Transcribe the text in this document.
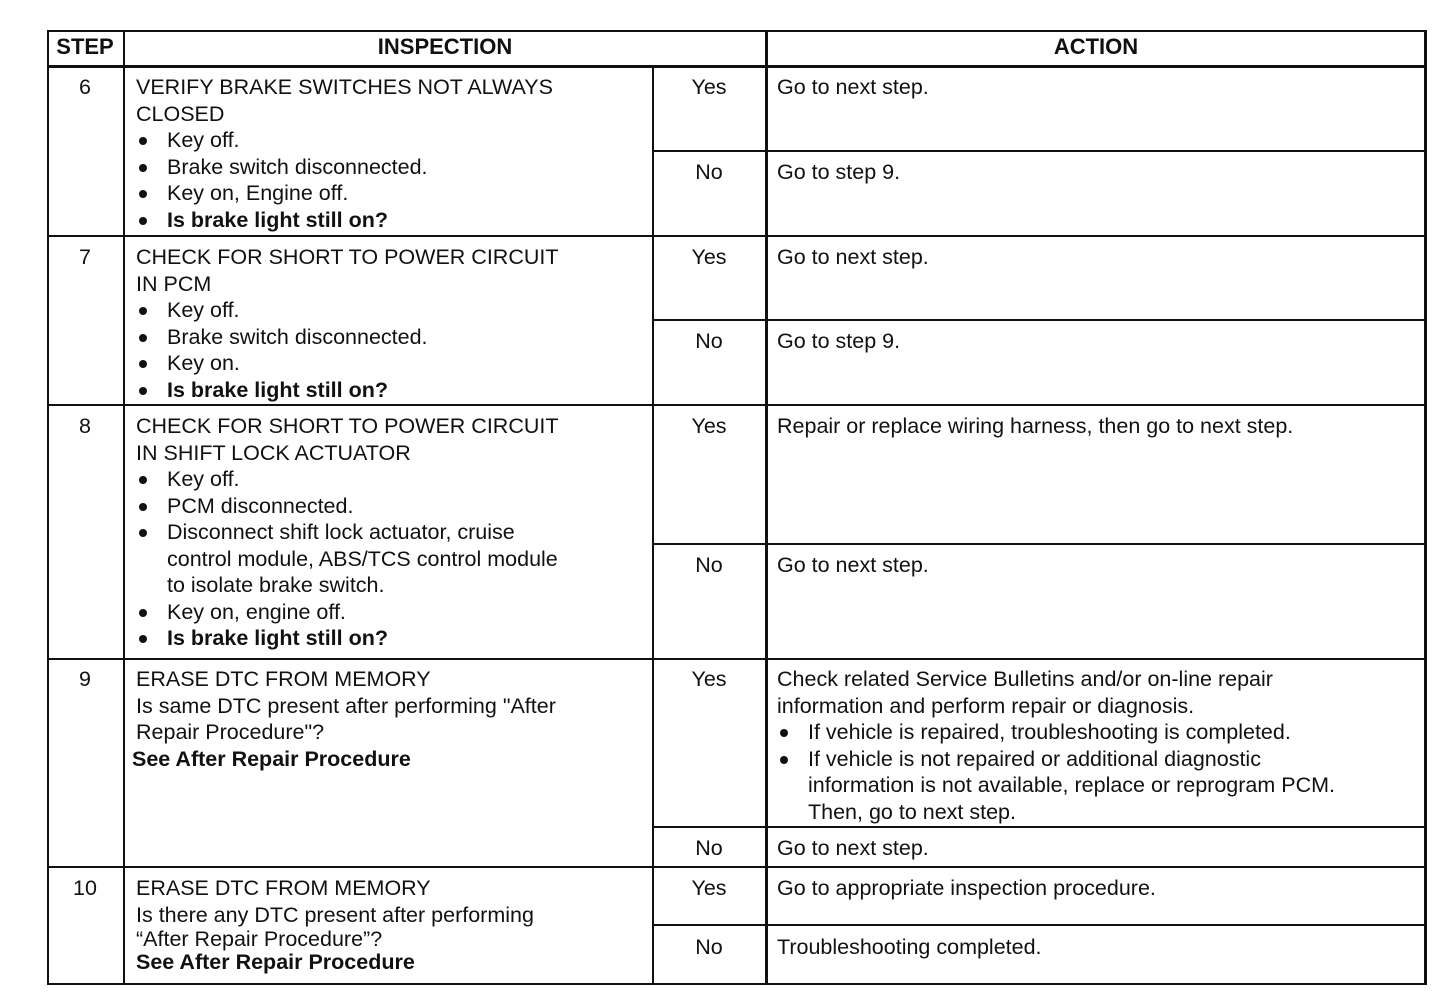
STEP	INSPECTION	ACTION
6	VERIFY BRAKE SWITCHES NOT ALWAYS
CLOSED
Key off.
Brake switch disconnected.
Key on, Engine off.
Is brake light still on?
Yes	Go to next step.
No	Go to step 9.
7	CHECK FOR SHORT TO POWER CIRCUIT
IN PCM
Key off.
Brake switch disconnected.
Key on.
Is brake light still on?
Yes	Go to next step.
No	Go to step 9.
8	CHECK FOR SHORT TO POWER CIRCUIT
IN SHIFT LOCK ACTUATOR
Key off.
PCM disconnected.
Disconnect shift lock actuator, cruise
control module, ABS/TCS control module
to isolate brake switch.
Key on, engine off.
Is brake light still on?
Yes	Repair or replace wiring harness, then go to next step.
No	Go to next step.
9	ERASE DTC FROM MEMORY
Is same DTC present after performing "After
Repair Procedure"?
See After Repair Procedure
Yes	Check related Service Bulletins and/or on-line repair
information and perform repair or diagnosis.
If vehicle is repaired, troubleshooting is completed.
If vehicle is not repaired or additional diagnostic
information is not available, replace or reprogram PCM.
Then, go to next step.
No	Go to next step.
10	ERASE DTC FROM MEMORY
Is there any DTC present after performing
“After Repair Procedure”?
See After Repair Procedure
Yes	Go to appropriate inspection procedure.
No	Troubleshooting completed.
